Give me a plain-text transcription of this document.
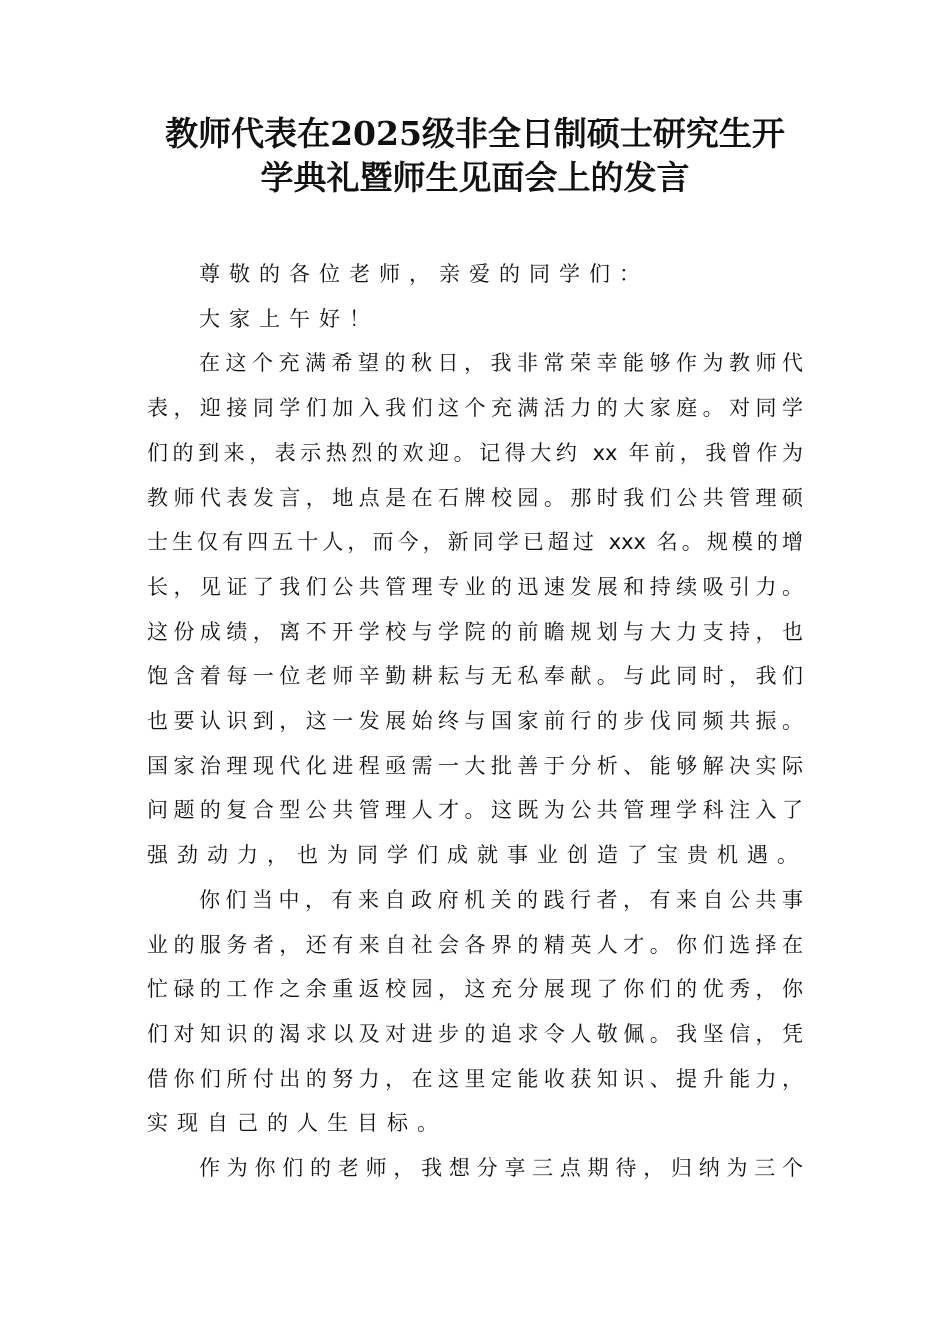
教师代表在2025级非全日制硕士研究生开
学典礼暨师生见面会上的发言
尊敬的各位老师，亲爱的同学们：
大家上午好！
在这个充满希望的秋日，我非常荣幸能够作为教师代
表，迎接同学们加入我们这个充满活力的大家庭。对同学
们的到来，表示热烈的欢迎。记得大约 xx 年前，我曾作为
教师代表发言，地点是在石牌校园。那时我们公共管理硕
士生仅有四五十人，而今，新同学已超过 xxx 名。规模的增
长，见证了我们公共管理专业的迅速发展和持续吸引力。
这份成绩，离不开学校与学院的前瞻规划与大力支持，也
饱含着每一位老师辛勤耕耘与无私奉献。与此同时，我们
也要认识到，这一发展始终与国家前行的步伐同频共振。
国家治理现代化进程亟需一大批善于分析、能够解决实际
问题的复合型公共管理人才。这既为公共管理学科注入了
强劲动力，也为同学们成就事业创造了宝贵机遇。
你们当中，有来自政府机关的践行者，有来自公共事
业的服务者，还有来自社会各界的精英人才。你们选择在
忙碌的工作之余重返校园，这充分展现了你们的优秀，你
们对知识的渴求以及对进步的追求令人敬佩。我坚信，凭
借你们所付出的努力，在这里定能收获知识、提升能力，
实现自己的人生目标。
作为你们的老师，我想分享三点期待，归纳为三个
